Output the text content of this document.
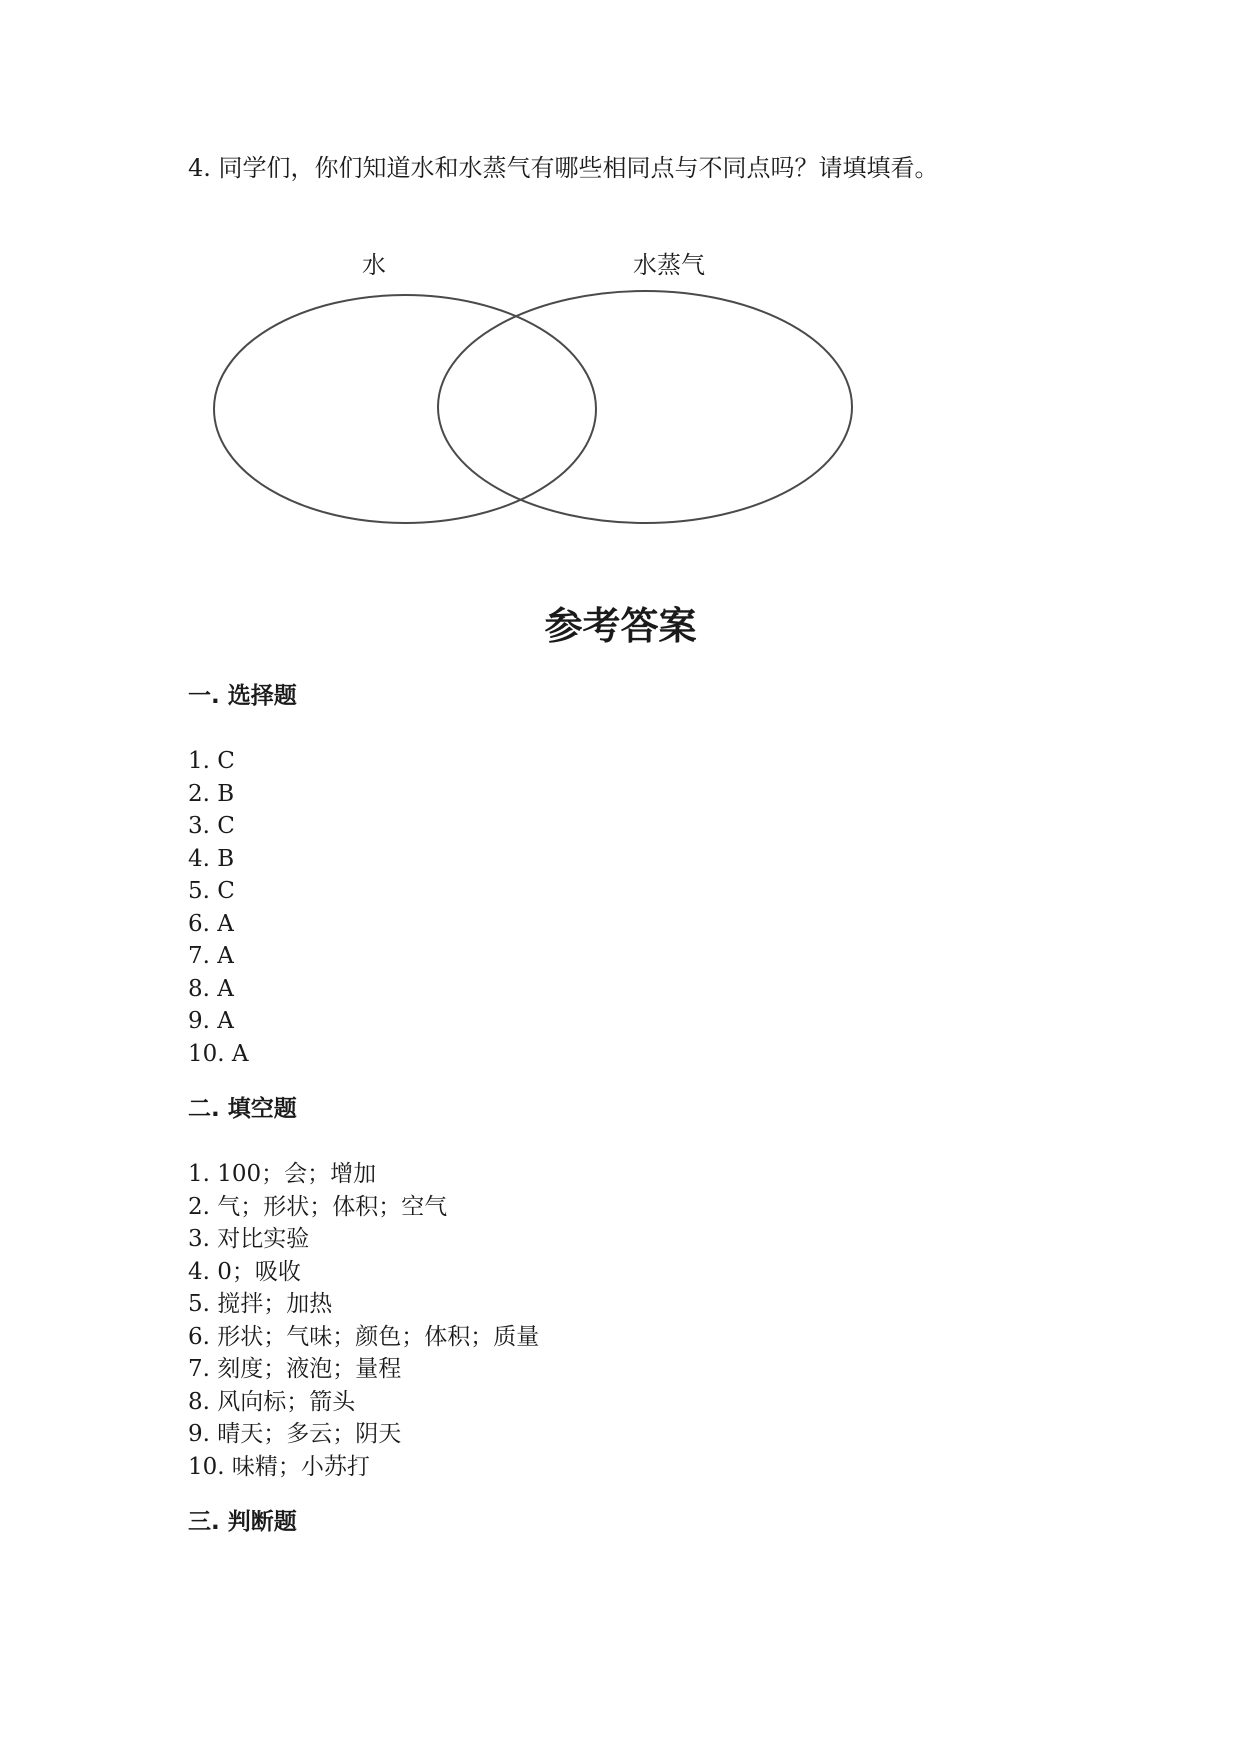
4. 同学们，你们知道水和水蒸气有哪些相同点与不同点吗？请填填看。
水	水蒸气
参考答案
一. 选择题
1. C
2. B
3. C
4. B
5. C
6. A
7. A
8. A
9. A
10. A
二. 填空题
1. 100；会；增加
2. 气；形状；体积；空气
3. 对比实验
4. 0；吸收
5. 搅拌；加热
6. 形状；气味；颜色；体积；质量
7. 刻度；液泡；量程
8. 风向标；箭头
9. 晴天；多云；阴天
10. 味精；小苏打
三. 判断题
